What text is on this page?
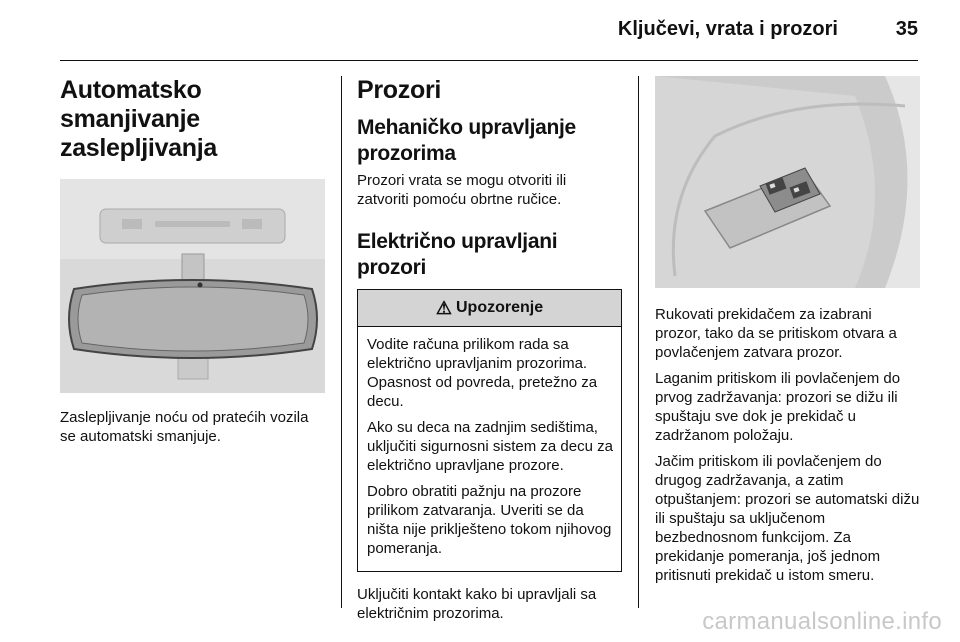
Ključevi, vrata i prozori	35
Automatsko smanjivanje zaslepljivanja

Zaslepljivanje noću od pratećih vozila se automatski smanjuje.

Prozori
Mehaničko upravljanje prozorima

Prozori vrata se mogu otvoriti ili zatvoriti pomoću obrtne ručice.

Električno upravljani prozori
⚠ Upozorenje

Vodite računa prilikom rada sa električno upravljanim prozorima. Opasnost od povreda, pretežno za decu.

Ako su deca na zadnjim sedištima, uključiti sigurnosni sistem za decu za električno upravljane prozore.

Dobro obratiti pažnju na prozore prilikom zatvaranja. Uveriti se da ništa nije priklješteno tokom njihovog pomeranja.

Uključiti kontakt kako bi upravljali sa električnim prozorima.

Rukovati prekidačem za izabrani prozor, tako da se pritiskom otvara a povlačenjem zatvara prozor.

Laganim pritiskom ili povlačenjem do prvog zadržavanja: prozori se dižu ili spuštaju sve dok je prekidač u zadržanom položaju.

Jačim pritiskom ili povlačenjem do drugog zadržavanja, a zatim otpuštanjem: prozori se automatski dižu ili spuštaju sa uključenom bezbednosnom funkcijom. Za prekidanje pomeranja, još jednom pritisnuti prekidač u istom smeru.

carmanualsonline.info
